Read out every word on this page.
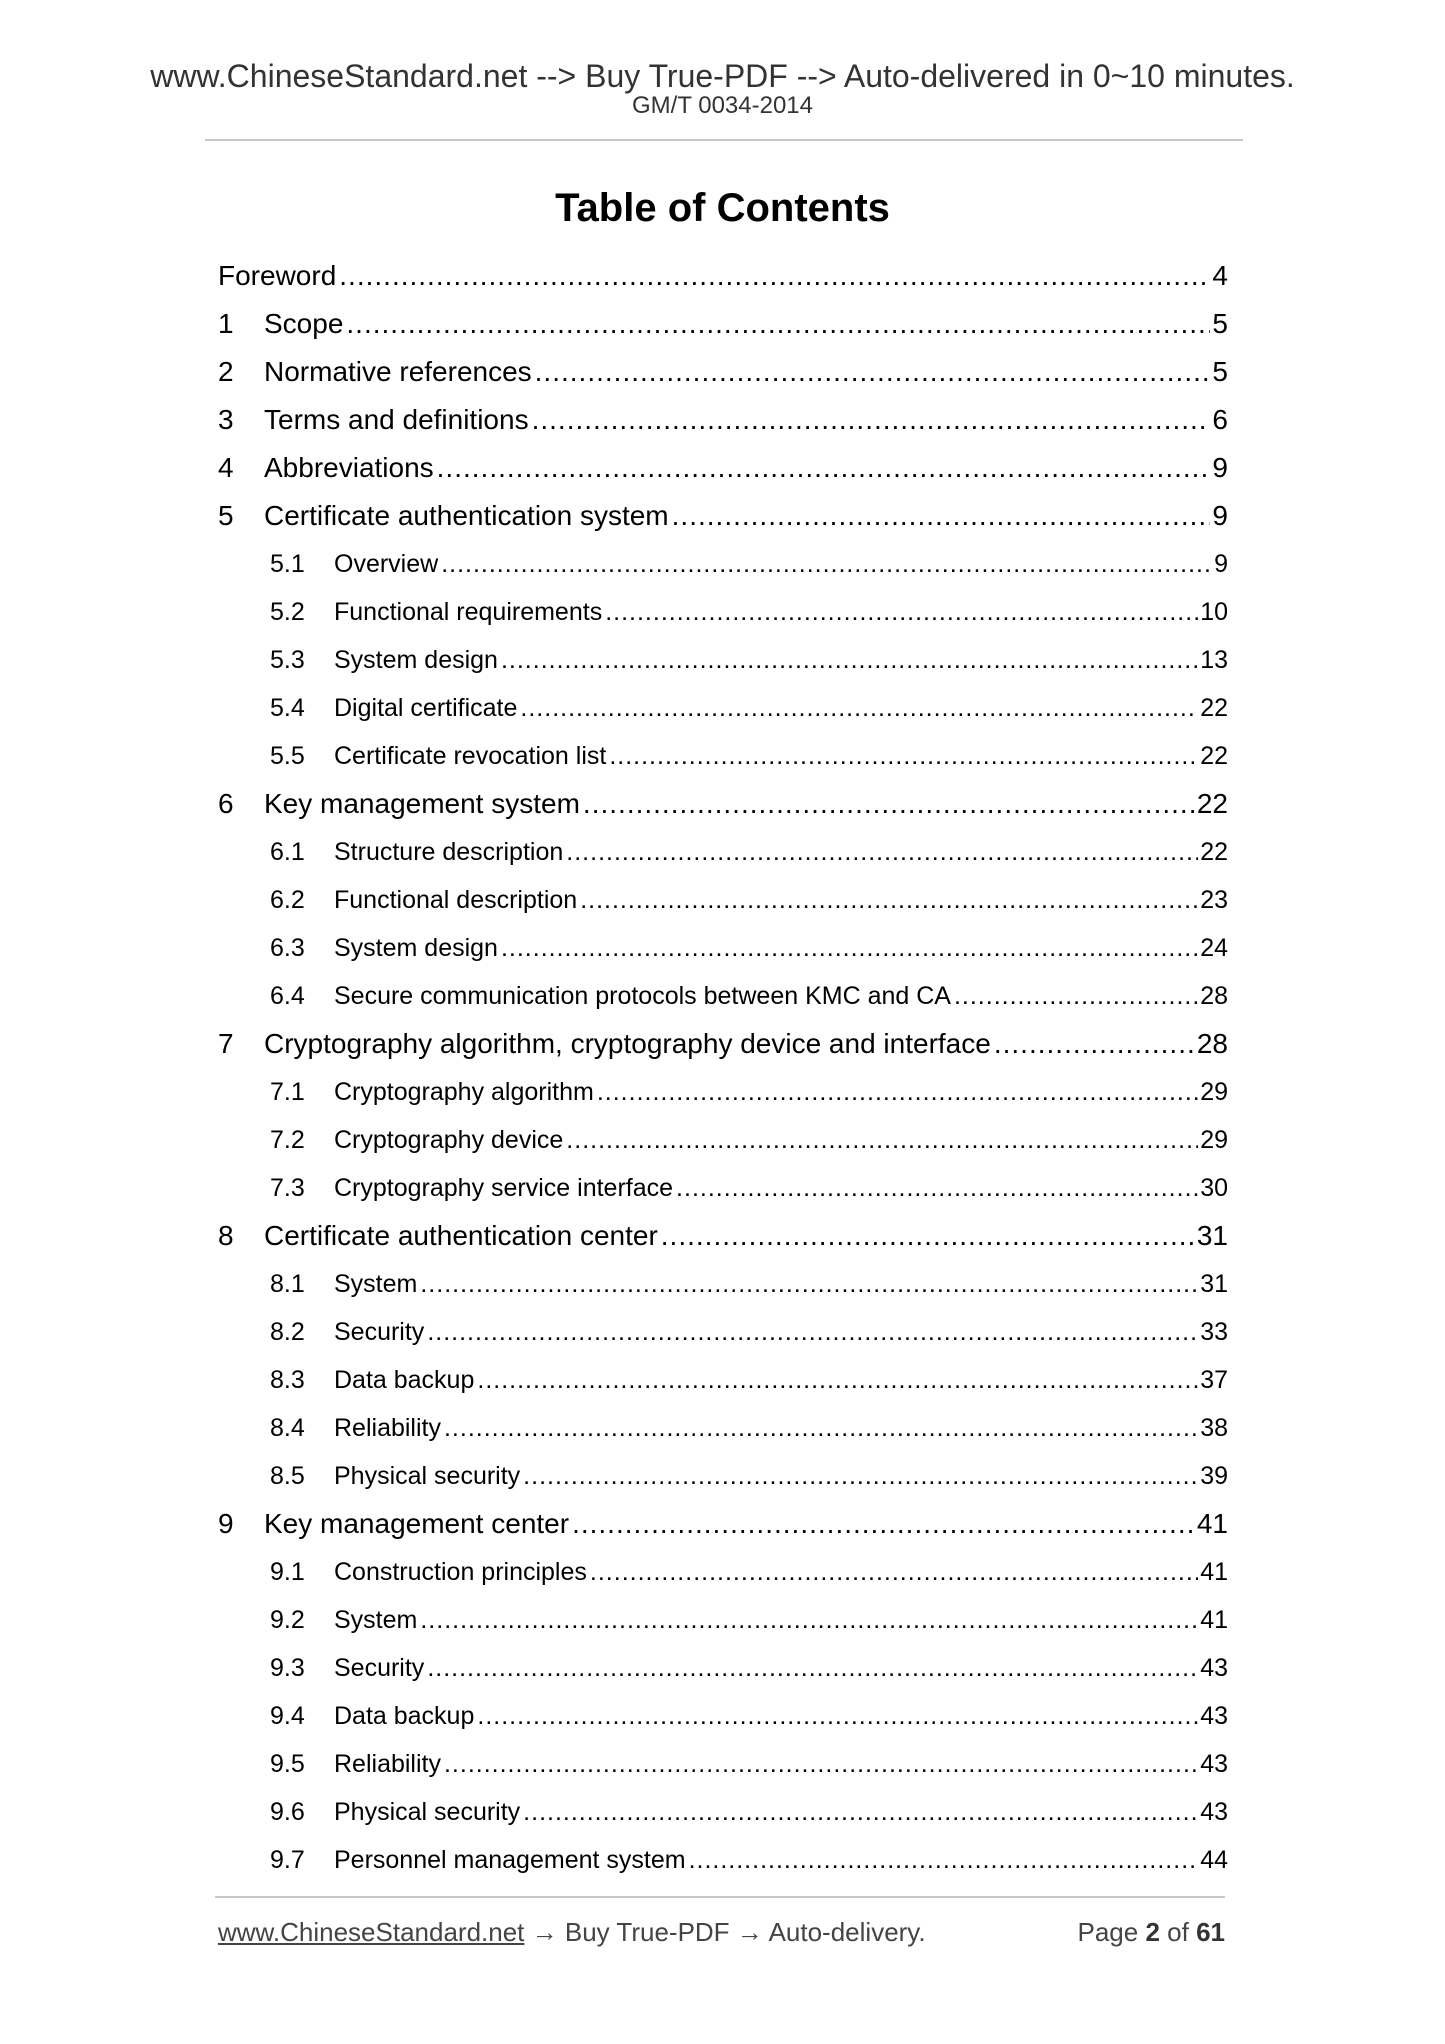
www.ChineseStandard.net --> Buy True-PDF --> Auto-delivered in 0~10 minutes.
GM/T 0034-2014
Table of Contents
Foreword .....	4
1	Scope .....	5
2	Normative references .....	5
3	Terms and definitions .....	6
4	Abbreviations .....	9
5	Certificate authentication system .....	9
5.1	Overview .....	9
5.2	Functional requirements .....	10
5.3	System design .....	13
5.4	Digital certificate .....	22
5.5	Certificate revocation list .....	22
6	Key management system .....	22
6.1	Structure description .....	22
6.2	Functional description .....	23
6.3	System design .....	24
6.4	Secure communication protocols between KMC and CA .....	28
7	Cryptography algorithm, cryptography device and interface .....	28
7.1	Cryptography algorithm .....	29
7.2	Cryptography device .....	29
7.3	Cryptography service interface .....	30
8	Certificate authentication center .....	31
8.1	System .....	31
8.2	Security .....	33
8.3	Data backup .....	37
8.4	Reliability .....	38
8.5	Physical security .....	39
9	Key management center .....	41
9.1	Construction principles .....	41
9.2	System .....	41
9.3	Security .....	43
9.4	Data backup .....	43
9.5	Reliability .....	43
9.6	Physical security .....	43
9.7	Personnel management system .....	44
www.ChineseStandard.net → Buy True-PDF → Auto-delivery.	Page 2 of 61
